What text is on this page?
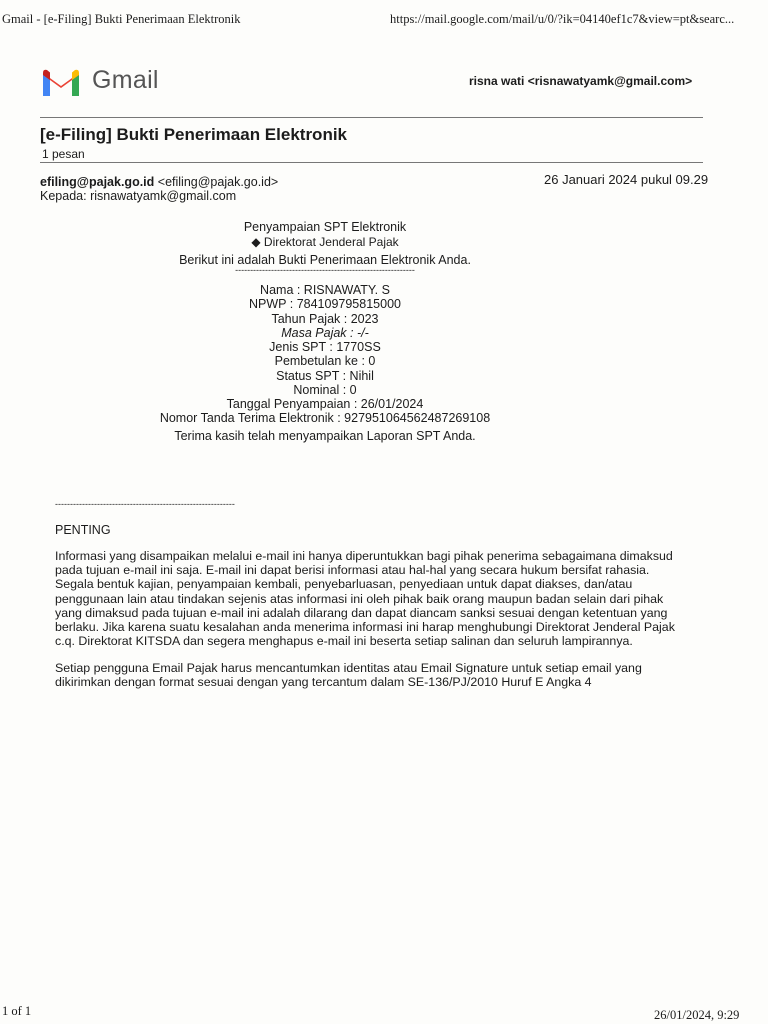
Gmail - [e-Filing] Bukti Penerimaan Elektronik	https://mail.google.com/mail/u/0/?ik=04140ef1c7&view=pt&searc...
Gmail	risna wati <risnawatyamk@gmail.com>
[e-Filing] Bukti Penerimaan Elektronik
1 pesan
efiling@pajak.go.id <efiling@pajak.go.id>
Kepada: risnawatyamk@gmail.com
26 Januari 2024 pukul 09.29
Penyampaian SPT Elektronik
◆ Direktorat Jenderal Pajak
Berikut ini adalah Bukti Penerimaan Elektronik Anda.
------------------------------------------------------------
Nama : RISNAWATY. S
NPWP : 784109795815000
Tahun Pajak : 2023
Masa Pajak : -/-
Jenis SPT : 1770SS
Pembetulan ke : 0
Status SPT : Nihil
Nominal : 0
Tanggal Penyampaian : 26/01/2024
Nomor Tanda Terima Elektronik : 927951064562487269108
Terima kasih telah menyampaikan Laporan SPT Anda.
------------------------------------------------------------
PENTING
Informasi yang disampaikan melalui e-mail ini hanya diperuntukkan bagi pihak penerima sebagaimana dimaksud
pada tujuan e-mail ini saja. E-mail ini dapat berisi informasi atau hal-hal yang secara hukum bersifat rahasia.
Segala bentuk kajian, penyampaian kembali, penyebarluasan, penyediaan untuk dapat diakses, dan/atau
penggunaan lain atau tindakan sejenis atas informasi ini oleh pihak baik orang maupun badan selain dari pihak
yang dimaksud pada tujuan e-mail ini adalah dilarang dan dapat diancam sanksi sesuai dengan ketentuan yang
berlaku. Jika karena suatu kesalahan anda menerima informasi ini harap menghubungi Direktorat Jenderal Pajak
c.q. Direktorat KITSDA dan segera menghapus e-mail ini beserta setiap salinan dan seluruh lampirannya.
Setiap pengguna Email Pajak harus mencantumkan identitas atau Email Signature untuk setiap email yang
dikirimkan dengan format sesuai dengan yang tercantum dalam SE-136/PJ/2010 Huruf E Angka 4
1 of 1	26/01/2024, 9:29
